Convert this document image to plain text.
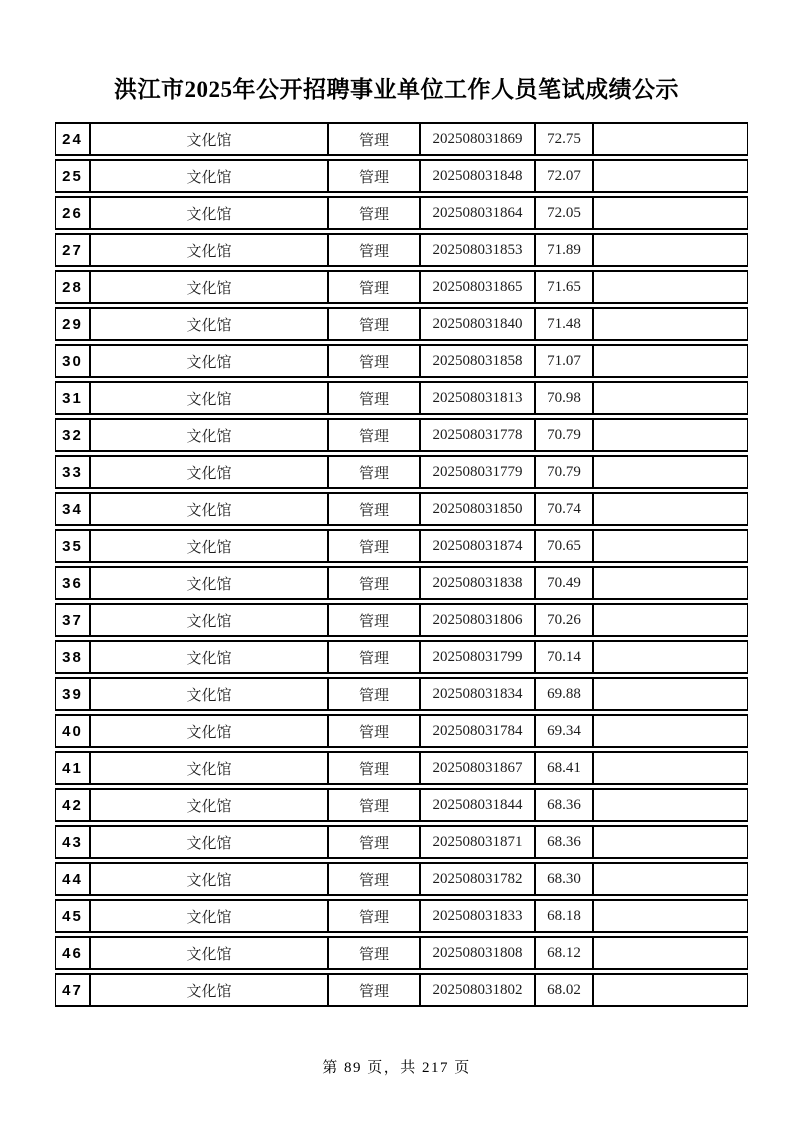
洪江市2025年公开招聘事业单位工作人员笔试成绩公示
24	文化馆	管理	202508031869	72.75	
25	文化馆	管理	202508031848	72.07	
26	文化馆	管理	202508031864	72.05	
27	文化馆	管理	202508031853	71.89	
28	文化馆	管理	202508031865	71.65	
29	文化馆	管理	202508031840	71.48	
30	文化馆	管理	202508031858	71.07	
31	文化馆	管理	202508031813	70.98	
32	文化馆	管理	202508031778	70.79	
33	文化馆	管理	202508031779	70.79	
34	文化馆	管理	202508031850	70.74	
35	文化馆	管理	202508031874	70.65	
36	文化馆	管理	202508031838	70.49	
37	文化馆	管理	202508031806	70.26	
38	文化馆	管理	202508031799	70.14	
39	文化馆	管理	202508031834	69.88	
40	文化馆	管理	202508031784	69.34	
41	文化馆	管理	202508031867	68.41	
42	文化馆	管理	202508031844	68.36	
43	文化馆	管理	202508031871	68.36	
44	文化馆	管理	202508031782	68.30	
45	文化馆	管理	202508031833	68.18	
46	文化馆	管理	202508031808	68.12	
47	文化馆	管理	202508031802	68.02	
第 89 页，共 217 页
